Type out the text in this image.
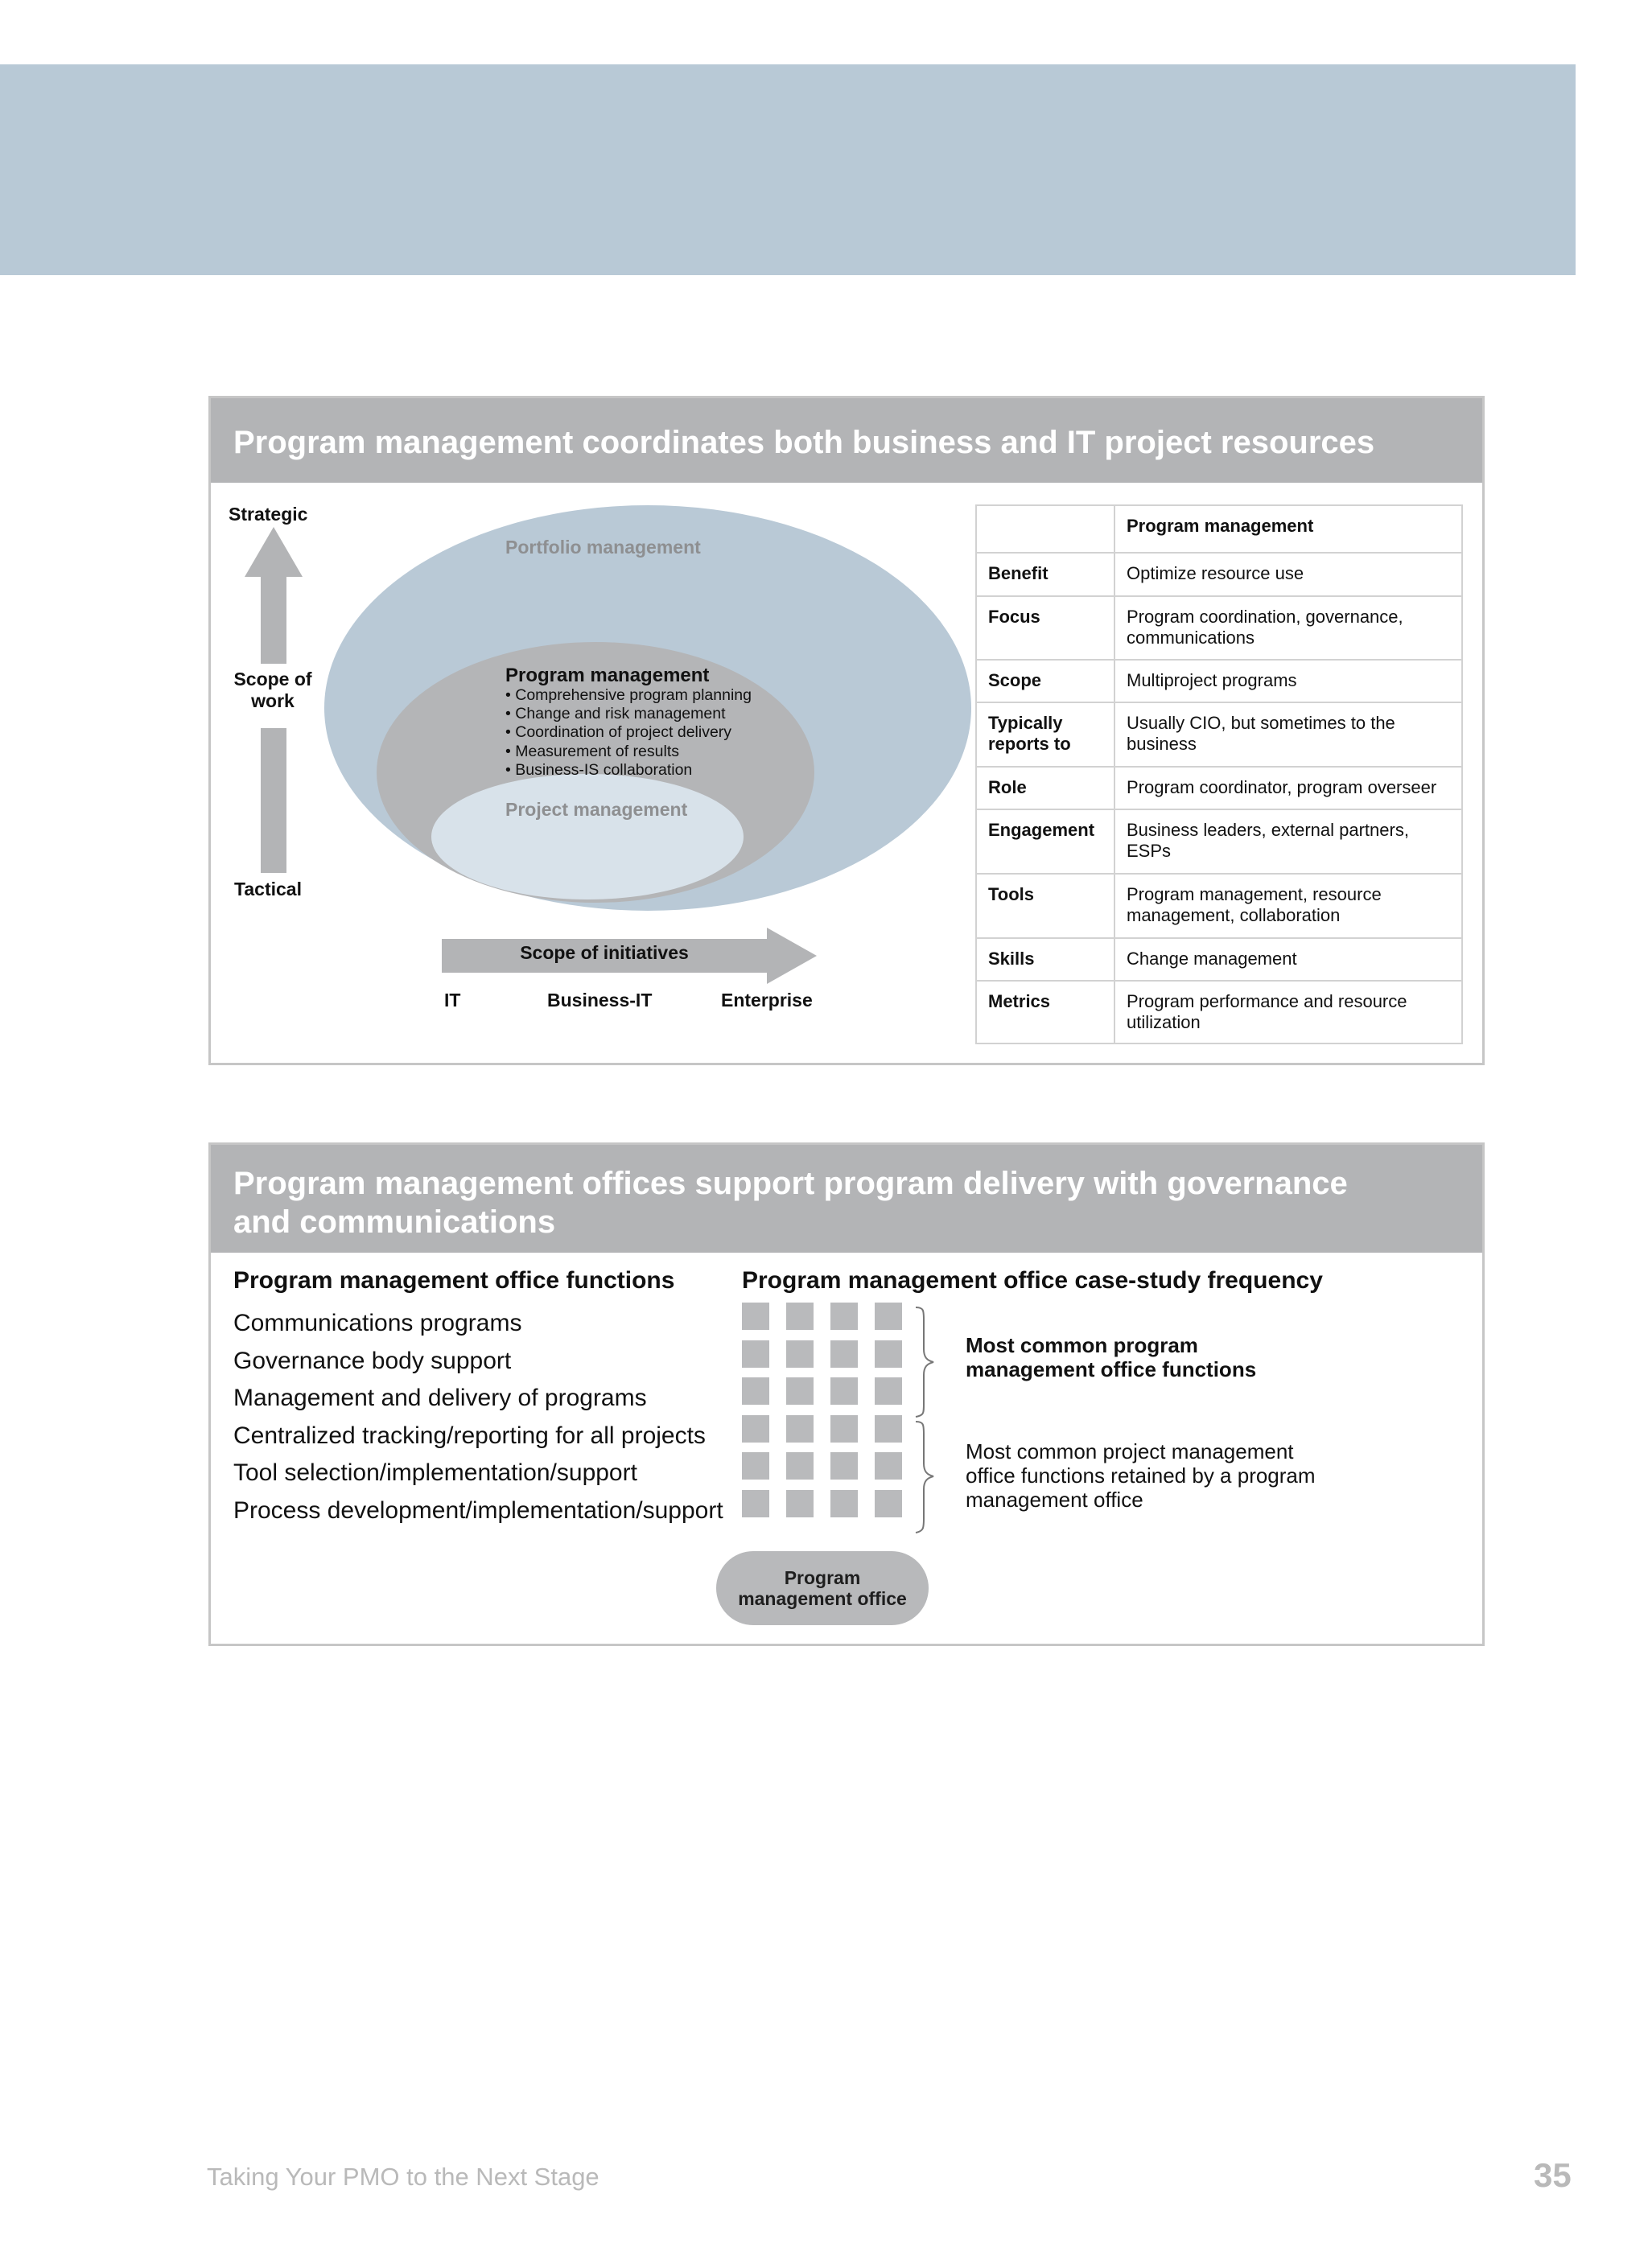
Program management coordinates both business and IT project resources
Strategic
Scope of work
Tactical
Portfolio management
Program management
• Comprehensive program planning
• Change and risk management
• Coordination of project delivery
• Measurement of results
• Business-IS collaboration
Project management
Scope of initiatives
IT	Business-IT	Enterprise
	Program management
Benefit	Optimize resource use
Focus	Program coordination, governance, communications
Scope	Multiproject programs
Typically reports to	Usually CIO, but sometimes to the business
Role	Program coordinator, program overseer
Engagement	Business leaders, external partners, ESPs
Tools	Program management, resource management, collaboration
Skills	Change management
Metrics	Program performance and resource utilization
Program management offices support program delivery with governance
and communications
Program management office functions	Program management office case-study frequency
Communications programs
Governance body support
Management and delivery of programs
Centralized tracking/reporting for all projects
Tool selection/implementation/support
Process development/implementation/support
Most common program
management office functions
Most common project management
office functions retained by a program
management office
Program
management office
Taking Your PMO to the Next Stage	35
